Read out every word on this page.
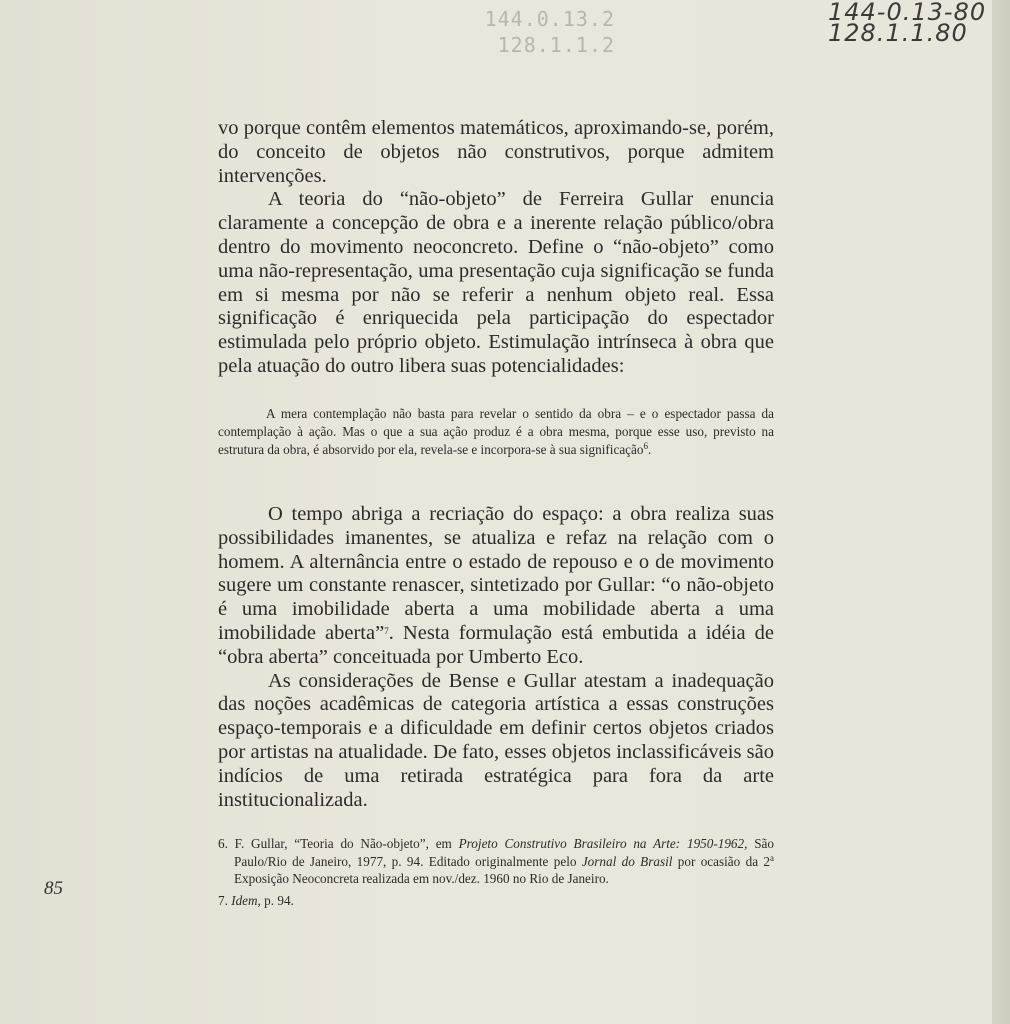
144.0.13.2
128.1.1.2
144-0.13-80
128.1.1.80

vo porque contêm elementos matemáticos, aproximando-se, porém, do conceito de objetos não construtivos, porque admitem intervenções.

A teoria do “não-objeto” de Ferreira Gullar enuncia claramente a concepção de obra e a inerente relação público/obra dentro do movimento neoconcreto. Define o “não-objeto” como uma não-representação, uma presentação cuja significação se funda em si mesma por não se referir a nenhum objeto real. Essa significação é enriquecida pela participação do espectador estimulada pelo próprio objeto. Estimulação intrínseca à obra que pela atuação do outro libera suas potencialidades:

A mera contemplação não basta para revelar o sentido da obra – e o espectador passa da contemplação à ação. Mas o que a sua ação produz é a obra mesma, porque esse uso, previsto na estrutura da obra, é absorvido por ela, revela-se e incorpora-se à sua significação$^6$.

O tempo abriga a recriação do espaço: a obra realiza suas possibilidades imanentes, se atualiza e refaz na relação com o homem. A alternância entre o estado de repouso e o de movimento sugere um constante renascer, sintetizado por Gullar: “o não-objeto é uma imobilidade aberta a uma mobilidade aberta a uma imobilidade aberta”$^7$. Nesta formulação está embutida a idéia de “obra aberta” conceituada por Umberto Eco.

As considerações de Bense e Gullar atestam a inadequação das noções acadêmicas de categoria artística a essas construções espaço-temporais e a dificuldade em definir certos objetos criados por artistas na atualidade. De fato, esses objetos inclassificáveis são indícios de uma retirada estratégica para fora da arte institucionalizada.

6. F. Gullar, “Teoria do Não-objeto”, em Projeto Construtivo Brasileiro na Arte: 1950-1962, São Paulo/Rio de Janeiro, 1977, p. 94. Editado originalmente pelo Jornal do Brasil por ocasião da 2$^a$ Exposição Neoconcreta realizada em nov./dez. 1960 no Rio de Janeiro.

7. Idem, p. 94.

85
